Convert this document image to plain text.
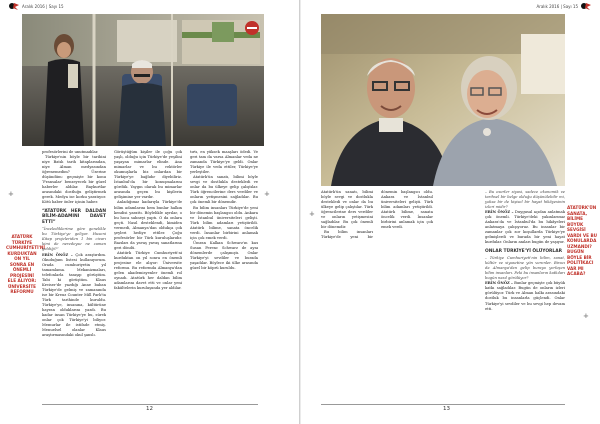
Aralık 2016 | Sayı 15
+
ATATÜRK TÜRKİYE CUMHURİYETİ'Nİ KURDUKTAN ON YIL SONRA EN ÖNEMLİ PROJESİNİ ELE ALIYOR: ÜNİVERSİTE REFORMU

profesörlerini de unutmadılar.

Türkiye'nin böyle bir tarihini niye Batılı tarih kitaplarından, niye Alman medyasından öğrenemedim? Üzerine düşündüm: geçmişte bir konu ‘Fransalar’ benzeyecek bir güzel haberler aldılar. Baykurtlar arasındaki dostluğu geliştirmek gerek. Medya ise korku yaratıyor. Kötü haber önler içinin haber.

“ATATÜRK HER DALDAN BİLİM-ADAMINI DAVET ETTİ”

“İncelediklerime göre genelikle bu Türkiye'ye geliyor. Huseni Kitap projeleriden 1 bin civarı kimi de neredeyse ne zaman geldiği?”

ERİN ÖNÖZ – Çok araştırdım. Okuduğum listesi kullanıyorum. Orada cumhuriyetin yıl tamamlama. Mekanizmaları, telefonlarla tanışıp görüştüm. Tabi ki görüştüm. Klaus Kreiser'de yazdığı Anne baban Türkiye'de gelmiş ve zamanında ise bir Kreuz Counter Mill Park'ta Türk tarihinde kuruldu. Türkiye'ye, insanına, kültürüne hayran olduklarını yazdı. Bu kadar insan Türkiye'ye bu, sürek onlar çok Türkiye'yi biliyor. Memurlar ile istifade etmiş. Menuelsel olanlar Klaus araştırmasındaki okul şanslı.

Görüştüğüm kişiler ile çoğu çok yaşlı, olduğu için Türkiye'de yeşilini yaşayan mimarlar elinde. Ana mimarlar ve bu rektörler okumuşlarla biz onlardan bir Türkiye'ye bağlıdır diyebiliriz. İstanbul'da bir konuşmalarını gördük. Yaygın olarak bu mimarlar arasında geçen bu kişilerin gelişimine yer vardır.

Anladığımız kadarıyla Türkiye'de bilim adamlarını hem bunlar halkın kendisi yarattı. Böylelikle ayrılar, o bu hoca sahneyi yaptı. O da onlara geçti. Nasıl desteklendi, kimiden vermedi, Almanya'dan oldukça çok şeyleri hediye ettiler. Çoğu profesörler bir Türk kuruluşlarıdır. Bazıları da yavaş yavaş sanatlarına geri döndü.

Atatürk Türkiye Cumhuriyeti'ni kurduktan on yıl sonra en önemli projesine ele alıyor: Üniversite reformu. Bu reformda Almanya'dan gelen akademisyenler önemli rol oynadı. Atatürk her daldan bilim adamlarını davet etti ve onlar yeni fakültelerin kuruluşunda yer aldılar.

tırtı, en yüksek maaşları ödedi. Ve geri tam da varsa Almanlar veda ne zamanda Türkiye'ye geldi. Onlar Türkiye ile veda ettiler, Türkiye'ye yerleştiler.

Atatürk'ün sanatı, bilimi böyle sevgi ve dostlukla destekledi ve onlar da bu ülkeye gelip çalıştılar. Türk öğrencilerine ders verdiler ve onların yetişmesini sağladılar. Bu çok önemli bir dönemdir.

Bu bilim insanları Türkiye'de yeni bir dönemin başlangıcı oldu. Ankara ve İstanbul üniversiteleri gelişti. Türk bilim adamları yetiştirildi. Atatürk bilime, sanata öncelik verdi. İnsanlar birbirini anlamak için çok emek verdi.

Ümran Kalkan Schwarz'ın kızı Susan Ferenc Schwarz de aynı dönemlerde çalışmıştı. Onlar Türkiye'yi sevdiler ve burada yaşadılar. Böylece iki ülke arasında güzel bir köprü kuruldu.

+
12
Aralık 2016 | Sayı 15
+

Atatürk'ün sanatı, bilimi böyle sevgi ve dostlukla destekledi ve onlar da bu ülkeye gelip çalıştılar. Türk öğrencilerine ders verdiler ve onların yetişmesini sağladılar. Bu çok önemli bir dönemdir.

Bu bilim insanları Türkiye'de yeni bir dönemin başlangıcı oldu. Ankara ve İstanbul üniversiteleri gelişti. Türk bilim adamları yetiştirildi. Atatürk bilime, sanata öncelik verdi. İnsanlar birbirini anlamak için çok emek verdi.

– Bu eserler siyasi, sadece ekonomik ve tarihsel bir belge olduğu düşünülebilir mi, yoksa bir de kişisel bir hayat hikâyesinin izleri midir?

ERİN ÖNÖZ – Duygusal açıdan anlatmak çok önemli. Türkiye'deki yakınlarımız Ankara'da ve İstanbul'da bu hikâyeleri anlatmaya çalışıyoruz. Bu insanlar bir zamanlar çok zor koşullarda Türkiye'ye gelmişlerdi ve burada bir yeni hayat kurdular. Onların anıları bugün de yaşıyor.

ONLAR TÜRKİYE'Yİ ÖLÜYORLAR

– Türkiye Cumhuriyeti'nin bilim, sanat, kültür ve siyasetine yön verenler. Birazı da Almanya'dan gelip buraya yerleşen bilim insanları. Peki bu insanların katkıları bugün nasıl görülüyor?

ERİN ÖNÖZ – Bunlar geçmişte çok büyük katkı sağladılar. Bugün de onların izleri görülüyor. Türk ve Alman halkı arasındaki dostluk bu insanlarla güçlendi. Onlar Türkiye'yi sevdiler ve bu sevgi hep devam etti.

ATATÜRK'ÜN SANATA, BİLİME BÜYÜK SEVGİSİ VARDI VE BU KONULARDA UZMANDI? BUGÜN BÖYLE BİR POLİTİKACI VAR MI ACABA?
+
13
